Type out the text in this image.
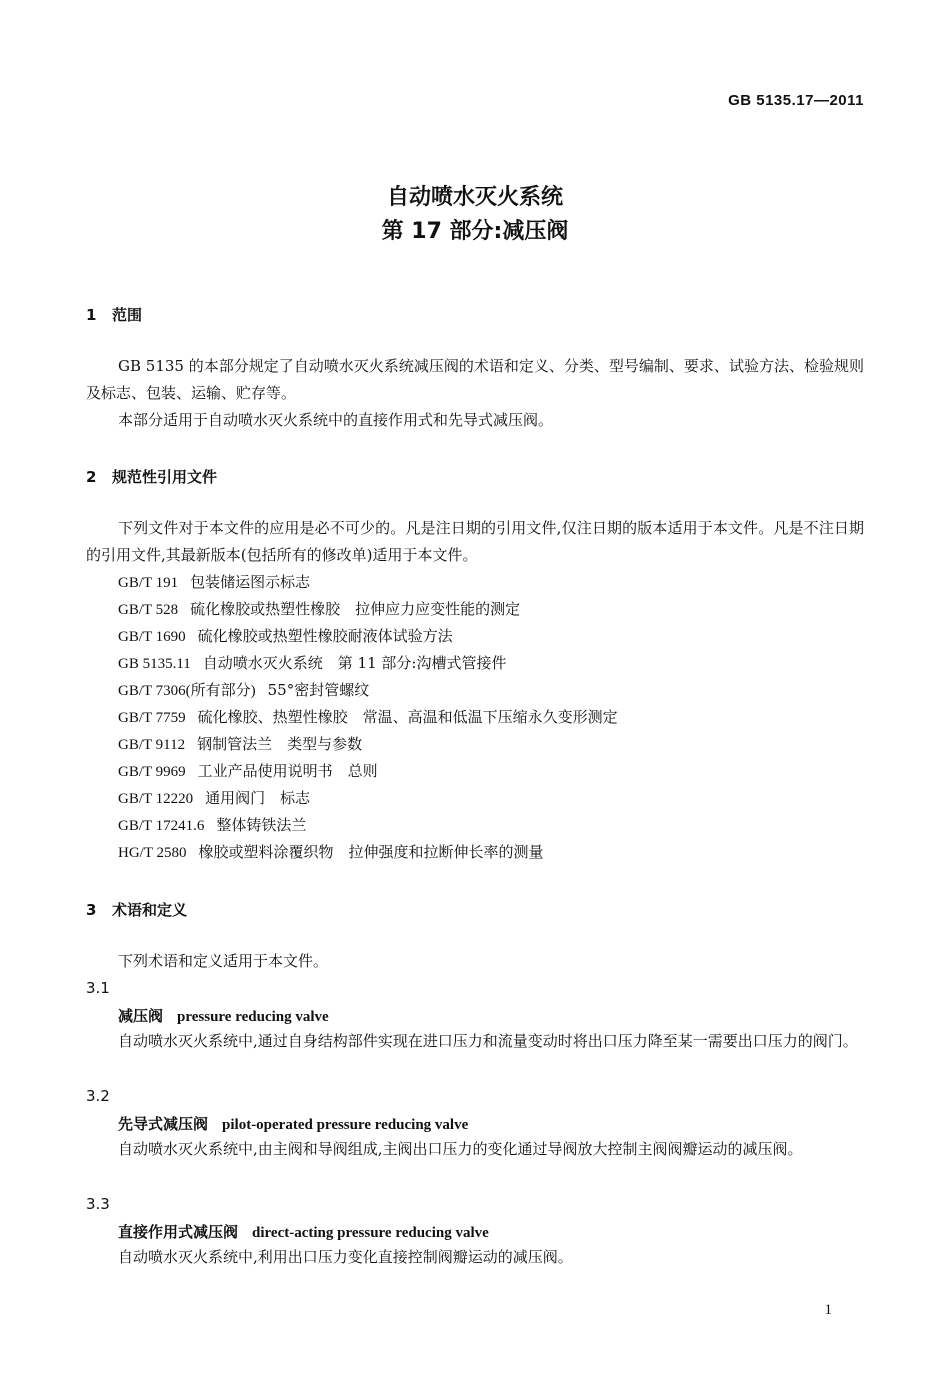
GB 5135.17—2011
自动喷水灭火系统
第 17 部分:减压阀
1 范围
GB 5135 的本部分规定了自动喷水灭火系统减压阀的术语和定义、分类、型号编制、要求、试验方法、检验规则及标志、包装、运输、贮存等。
本部分适用于自动喷水灭火系统中的直接作用式和先导式减压阀。
2 规范性引用文件
下列文件对于本文件的应用是必不可少的。凡是注日期的引用文件,仅注日期的版本适用于本文件。凡是不注日期的引用文件,其最新版本(包括所有的修改单)适用于本文件。
GB/T 191 包装储运图示标志
GB/T 528 硫化橡胶或热塑性橡胶　拉伸应力应变性能的测定
GB/T 1690 硫化橡胶或热塑性橡胶耐液体试验方法
GB 5135.11 自动喷水灭火系统　第 11 部分:沟槽式管接件
GB/T 7306(所有部分) 55°密封管螺纹
GB/T 7759 硫化橡胶、热塑性橡胶　常温、高温和低温下压缩永久变形测定
GB/T 9112 钢制管法兰　类型与参数
GB/T 9969 工业产品使用说明书　总则
GB/T 12220 通用阀门　标志
GB/T 17241.6 整体铸铁法兰
HG/T 2580 橡胶或塑料涂覆织物　拉伸强度和拉断伸长率的测量
3 术语和定义
下列术语和定义适用于本文件。
3.1
减压阀 pressure reducing valve
自动喷水灭火系统中,通过自身结构部件实现在进口压力和流量变动时将出口压力降至某一需要出口压力的阀门。
3.2
先导式减压阀 pilot-operated pressure reducing valve
自动喷水灭火系统中,由主阀和导阀组成,主阀出口压力的变化通过导阀放大控制主阀阀瓣运动的减压阀。
3.3
直接作用式减压阀 direct-acting pressure reducing valve
自动喷水灭火系统中,利用出口压力变化直接控制阀瓣运动的减压阀。
1
